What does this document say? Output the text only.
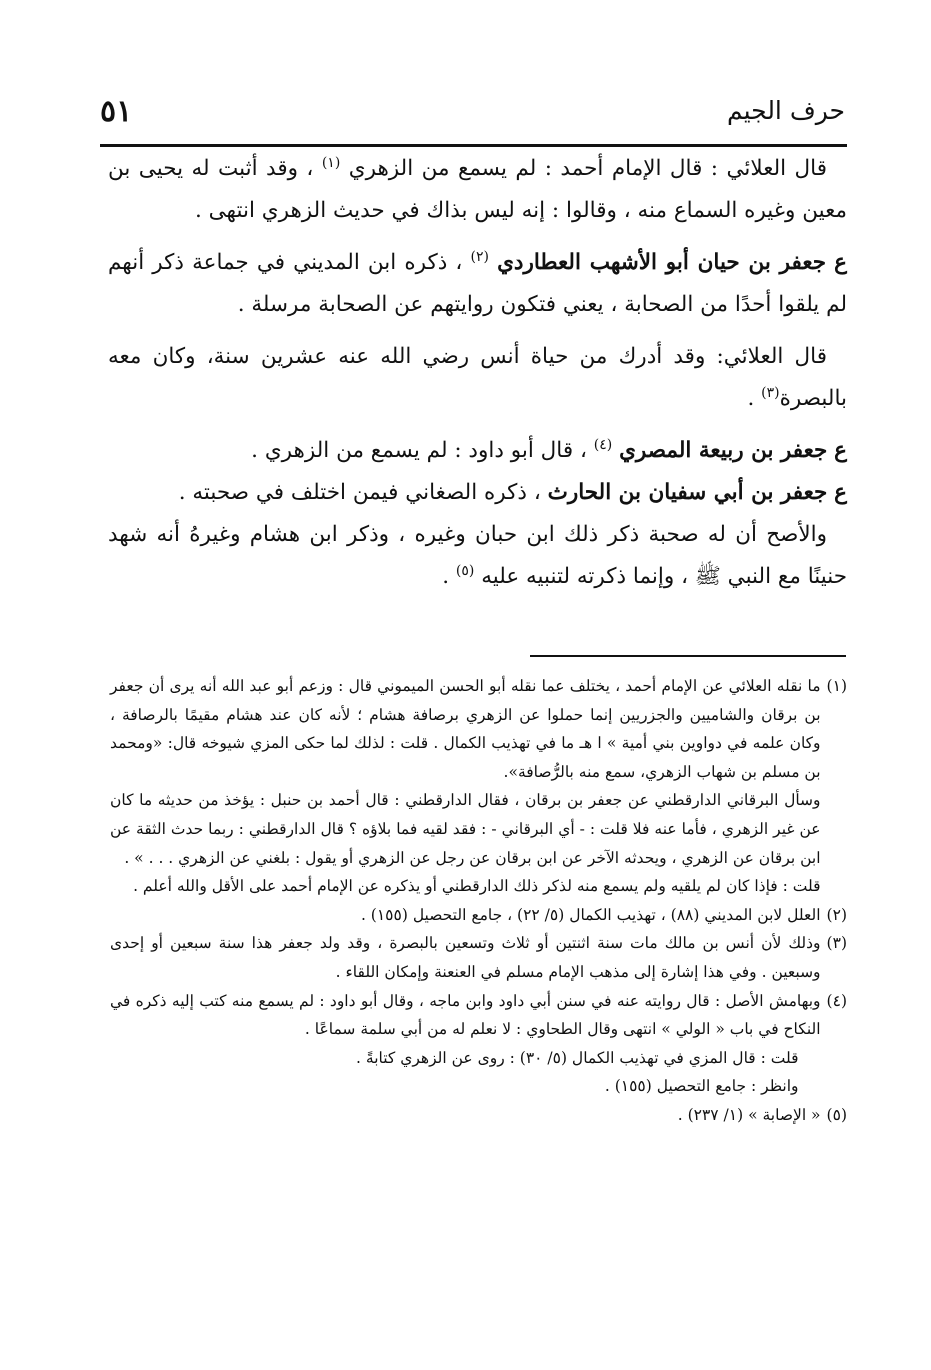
حرف الجيم
٥١

قال العلائي : قال الإمام أحمد : لم يسمع من الزهري $^{(١)}$ ، وقد أثبت له يحيى بن معين وغيره السماع منه ، وقالوا : إنه ليس بذاك في حديث الزهري انتهى .

ع جعفر بن حيان أبو الأشهب العطاردي $^{(٢)}$ ، ذكره ابن المديني في جماعة ذكر أنهم لم يلقوا أحدًا من الصحابة ، يعني فتكون روايتهم عن الصحابة مرسلة .

قال العلائي: وقد أدرك من حياة أنس رضي الله عنه عشرين سنة، وكان معه بالبصرة$^{(٣)}$ .

ع جعفر بن ربيعة المصري $^{(٤)}$ ، قال أبو داود : لم يسمع من الزهري .

ع جعفر بن أبي سفيان بن الحارث ، ذكره الصغاني فيمن اختلف في صحبته .

والأصح أن له صحبة ذكر ذلك ابن حبان وغيره ، وذكر ابن هشام وغيرهُ أنه شهد حنينًا مع النبي ﷺ ، وإنما ذكرته لتنبيه عليه $^{(٥)}$ .

(١)

ما نقله العلائي عن الإمام أحمد ، يختلف عما نقله أبو الحسن الميموني قال : وزعم أبو عبد الله أنه يرى أن جعفر بن برقان والشاميين والجزريين إنما حملوا عن الزهري برصافة هشام ؛ لأنه كان عند هشام مقيمًا بالرصافة ، وكان علمه في دواوين بني أمية » ا هـ ما في تهذيب الكمال . قلت : لذلك لما حكى المزي شيوخه قال: «ومحمد بن مسلم بن شهاب الزهري، سمع منه بالرُّصافة».

وسأل البرقاني الدارقطني عن جعفر بن برقان ، فقال الدارقطني : قال أحمد بن حنبل : يؤخذ من حديثه ما كان عن غير الزهري ، فأما عنه فلا قلت : - أي البرقاني - : فقد لقيه فما بلاؤه ؟ قال الدارقطني : ربما حدث الثقة عن ابن برقان عن الزهري ، ويحدثه الآخر عن ابن برقان عن رجل عن الزهري أو يقول : بلغني عن الزهري . . . » .

قلت : فإذا كان لم يلقيه ولم يسمع منه لذكر ذلك الدارقطني أو يذكره عن الإمام أحمد على الأقل والله أعلم .

(٢)

العلل لابن المديني (٨٨) ، تهذيب الكمال (٥/ ٢٢) ، جامع التحصيل (١٥٥) .

(٣)

وذلك لأن أنس بن مالك مات سنة اثنتين أو ثلاث وتسعين بالبصرة ، وقد ولد جعفر هذا سنة سبعين أو إحدى وسبعين . وفي هذا إشارة إلى مذهب الإمام مسلم في العنعنة وإمكان اللقاء .

(٤)

وبهامش الأصل : قال روايته عنه في سنن أبي داود وابن ماجه ، وقال أبو داود : لم يسمع منه كتب إليه ذكره في النكاح في باب « الولي » انتهى وقال الطحاوي : لا نعلم له من أبي سلمة سماعًا .

قلت : قال المزي في تهذيب الكمال (٥/ ٣٠) : روى عن الزهري كتابةً .

وانظر : جامع التحصيل (١٥٥) .

(٥)

« الإصابة » (١/ ٢٣٧) .
